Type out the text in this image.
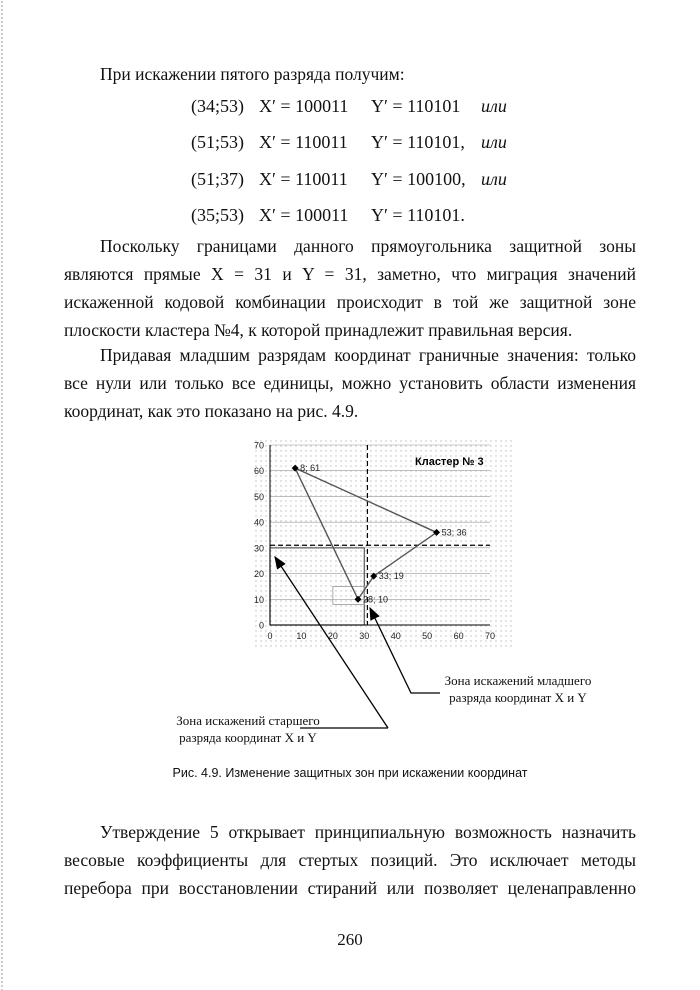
При искажении пятого разряда получим:
(34;53) X′ = 100011 Y′ = 110101 или
(51;53) X′ = 110011 Y′ = 110101, или
(51;37) X′ = 110011 Y′ = 100100, или
(35;53) X′ = 100011 Y′ = 110101.
Поскольку границами данного прямоугольника защитной зоны
являются прямые X = 31 и Y = 31, заметно, что миграция значений
искаженной кодовой комбинации происходит в той же защитной зоне
плоскости кластера №4, к которой принадлежит правильная версия.
Придавая младшим разрядам координат граничные значения: только
все нули или только все единицы, можно установить области изменения
координат, как это показано на рис. 4.9.
0
10
20
30
40
50
60
70
0	10 20 30 40 50 60 70
8; 61
53; 36
33; 19
28; 10
Кластер № 3
Зона искажений младшего
разряда координат X и Y
Зона искажений старшего
разряда координат X и Y
Рис. 4.9. Изменение защитных зон при искажении координат
Утверждение 5 открывает принципиальную возможность назначить
весовые коэффициенты для стертых позиций. Это исключает методы
перебора при восстановлении стираний или позволяет целенаправленно
260
